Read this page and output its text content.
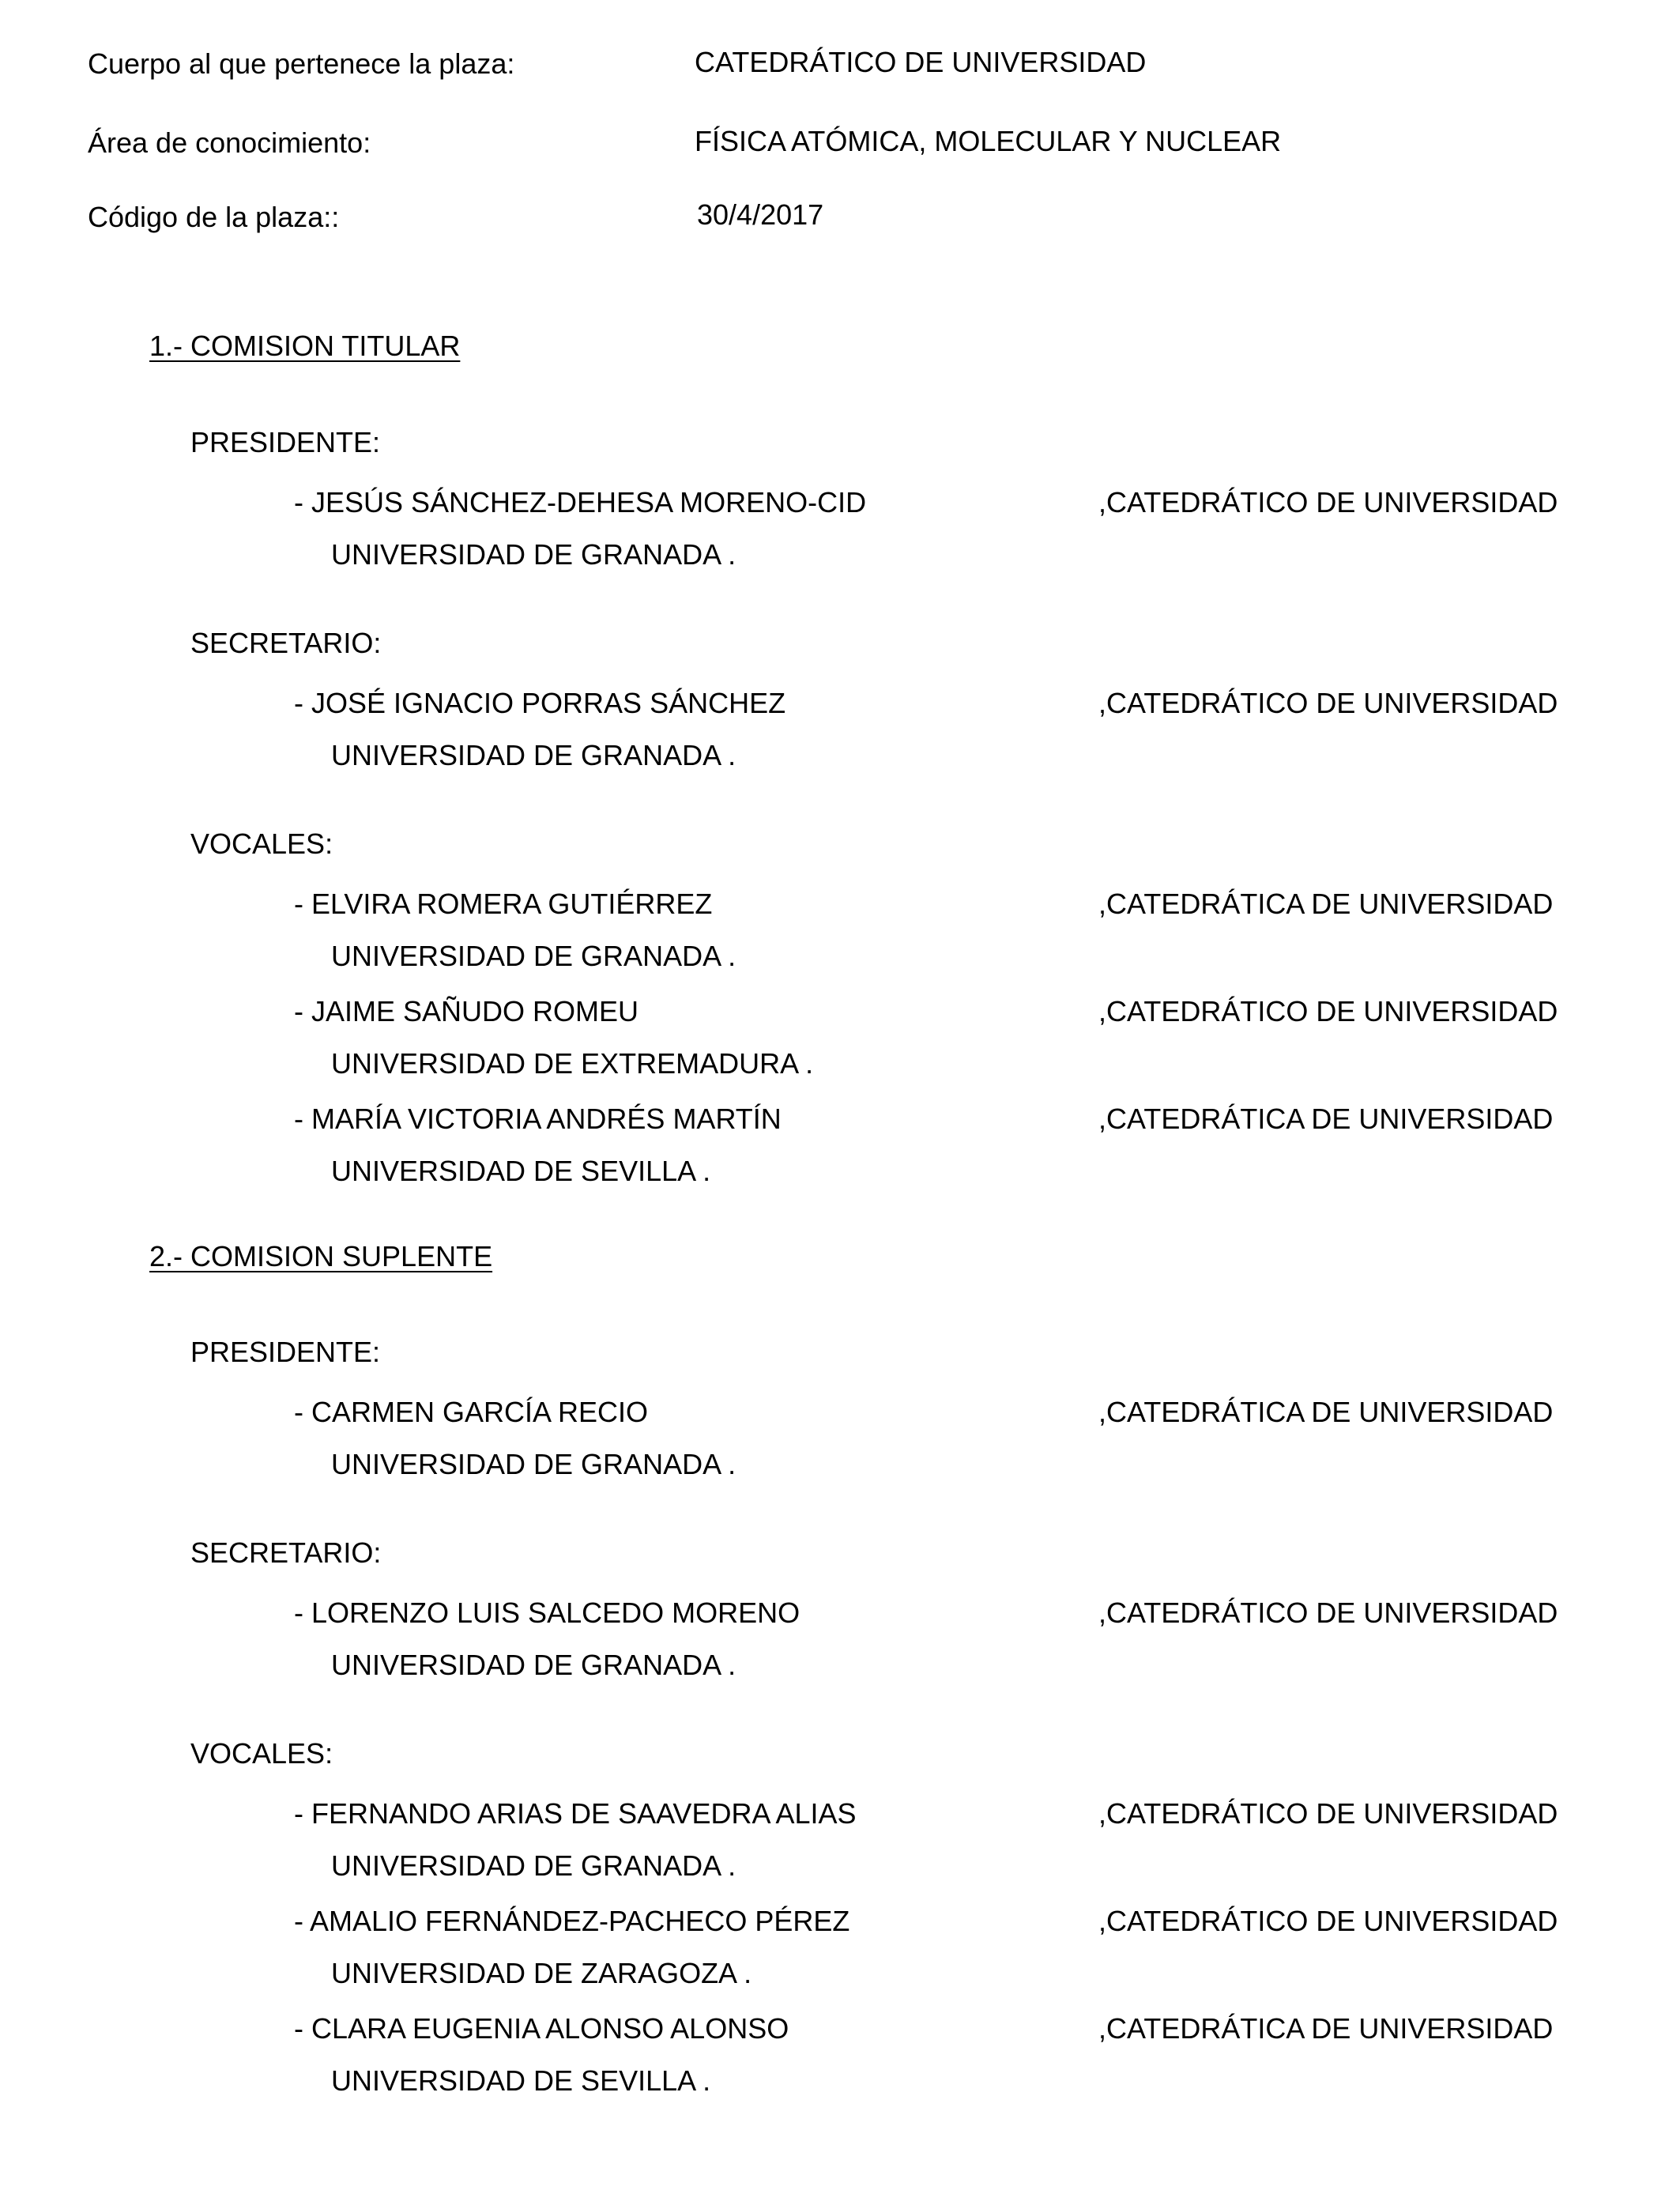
Cuerpo al que pertenece la plaza:	CATEDRÁTICO DE UNIVERSIDAD
Área de conocimiento:	FÍSICA ATÓMICA, MOLECULAR Y NUCLEAR
Código de la plaza::	30/4/2017
1.- COMISION TITULAR
PRESIDENTE:
- JESÚS SÁNCHEZ-DEHESA MORENO-CID	,CATEDRÁTICO DE UNIVERSIDAD
UNIVERSIDAD DE GRANADA .
SECRETARIO:
- JOSÉ IGNACIO PORRAS SÁNCHEZ	,CATEDRÁTICO DE UNIVERSIDAD
UNIVERSIDAD DE GRANADA .
VOCALES:
- ELVIRA ROMERA GUTIÉRREZ	,CATEDRÁTICA DE UNIVERSIDAD
UNIVERSIDAD DE GRANADA .
- JAIME SAÑUDO ROMEU	,CATEDRÁTICO DE UNIVERSIDAD
UNIVERSIDAD DE EXTREMADURA .
- MARÍA VICTORIA ANDRÉS MARTÍN	,CATEDRÁTICA DE UNIVERSIDAD
UNIVERSIDAD DE SEVILLA .
2.- COMISION SUPLENTE
PRESIDENTE:
- CARMEN GARCÍA RECIO	,CATEDRÁTICA DE UNIVERSIDAD
UNIVERSIDAD DE GRANADA .
SECRETARIO:
- LORENZO LUIS SALCEDO MORENO	,CATEDRÁTICO DE UNIVERSIDAD
UNIVERSIDAD DE GRANADA .
VOCALES:
- FERNANDO ARIAS DE SAAVEDRA ALIAS	,CATEDRÁTICO DE UNIVERSIDAD
UNIVERSIDAD DE GRANADA .
- AMALIO FERNÁNDEZ-PACHECO PÉREZ	,CATEDRÁTICO DE UNIVERSIDAD
UNIVERSIDAD DE ZARAGOZA .
- CLARA EUGENIA ALONSO ALONSO	,CATEDRÁTICA DE UNIVERSIDAD
UNIVERSIDAD DE SEVILLA .
